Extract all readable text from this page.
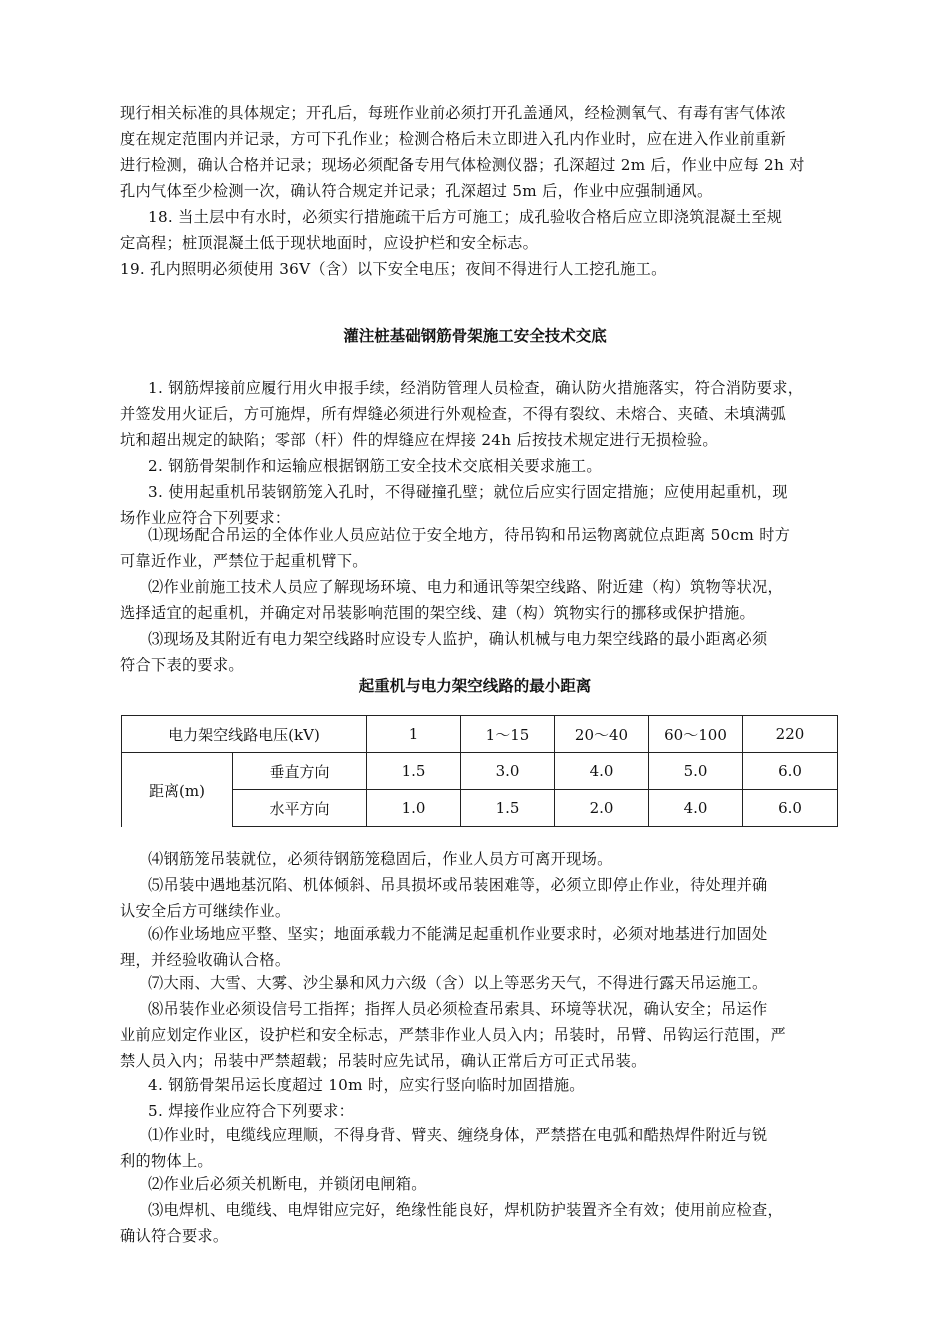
现行相关标准的具体规定；开孔后，每班作业前必须打开孔盖通风，经检测氧气、有毒有害气体浓
度在规定范围内并记录，方可下孔作业；检测合格后未立即进入孔内作业时，应在进入作业前重新
进行检测，确认合格并记录；现场必须配备专用气体检测仪器；孔深超过 2m 后，作业中应每 2h 对
孔内气体至少检测一次，确认符合规定并记录；孔深超过 5m 后，作业中应强制通风。
18. 当土层中有水时，必须实行措施疏干后方可施工；成孔验收合格后应立即浇筑混凝土至规
定高程；桩顶混凝土低于现状地面时，应设护栏和安全标志。
19. 孔内照明必须使用 36V（含）以下安全电压；夜间不得进行人工挖孔施工。
灌注桩基础钢筋骨架施工安全技术交底
1. 钢筋焊接前应履行用火申报手续，经消防管理人员检查，确认防火措施落实，符合消防要求，
并签发用火证后，方可施焊，所有焊缝必须进行外观检查，不得有裂纹、未熔合、夹碴、未填满弧
坑和超出规定的缺陷；零部（杆）件的焊缝应在焊接 24h 后按技术规定进行无损检验。
2. 钢筋骨架制作和运输应根据钢筋工安全技术交底相关要求施工。
3. 使用起重机吊装钢筋笼入孔时，不得碰撞孔壁；就位后应实行固定措施；应使用起重机，现
场作业应符合下列要求：
⑴现场配合吊运的全体作业人员应站位于安全地方，待吊钩和吊运物离就位点距离 50cm 时方
可靠近作业，严禁位于起重机臂下。
⑵作业前施工技术人员应了解现场环境、电力和通讯等架空线路、附近建（构）筑物等状况，
选择适宜的起重机，并确定对吊装影响范围的架空线、建（构）筑物实行的挪移或保护措施。
⑶现场及其附近有电力架空线路时应设专人监护，确认机械与电力架空线路的最小距离必须
符合下表的要求。
起重机与电力架空线路的最小距离
电力架空线路电压(kV)	1	1～15	20～40	60～100	220

距离(m)
垂直方向	1.5	3.0	4.0	5.0	6.0

水平方向	1.0	1.5	2.0	4.0	6.0
⑷钢筋笼吊装就位，必须待钢筋笼稳固后，作业人员方可离开现场。
⑸吊装中遇地基沉陷、机体倾斜、吊具损坏或吊装困难等，必须立即停止作业，待处理并确
认安全后方可继续作业。
⑹作业场地应平整、坚实；地面承载力不能满足起重机作业要求时，必须对地基进行加固处
理，并经验收确认合格。
⑺大雨、大雪、大雾、沙尘暴和风力六级（含）以上等恶劣天气，不得进行露天吊运施工。
⑻吊装作业必须设信号工指挥；指挥人员必须检查吊索具、环境等状况，确认安全；吊运作
业前应划定作业区，设护栏和安全标志，严禁非作业人员入内；吊装时，吊臂、吊钩运行范围，严
禁人员入内；吊装中严禁超载；吊装时应先试吊，确认正常后方可正式吊装。
4. 钢筋骨架吊运长度超过 10m 时，应实行竖向临时加固措施。
5. 焊接作业应符合下列要求：
⑴作业时，电缆线应理顺，不得身背、臂夹、缠绕身体，严禁搭在电弧和酷热焊件附近与锐
利的物体上。
⑵作业后必须关机断电，并锁闭电闸箱。
⑶电焊机、电缆线、电焊钳应完好，绝缘性能良好，焊机防护装置齐全有效；使用前应检查，
确认符合要求。
